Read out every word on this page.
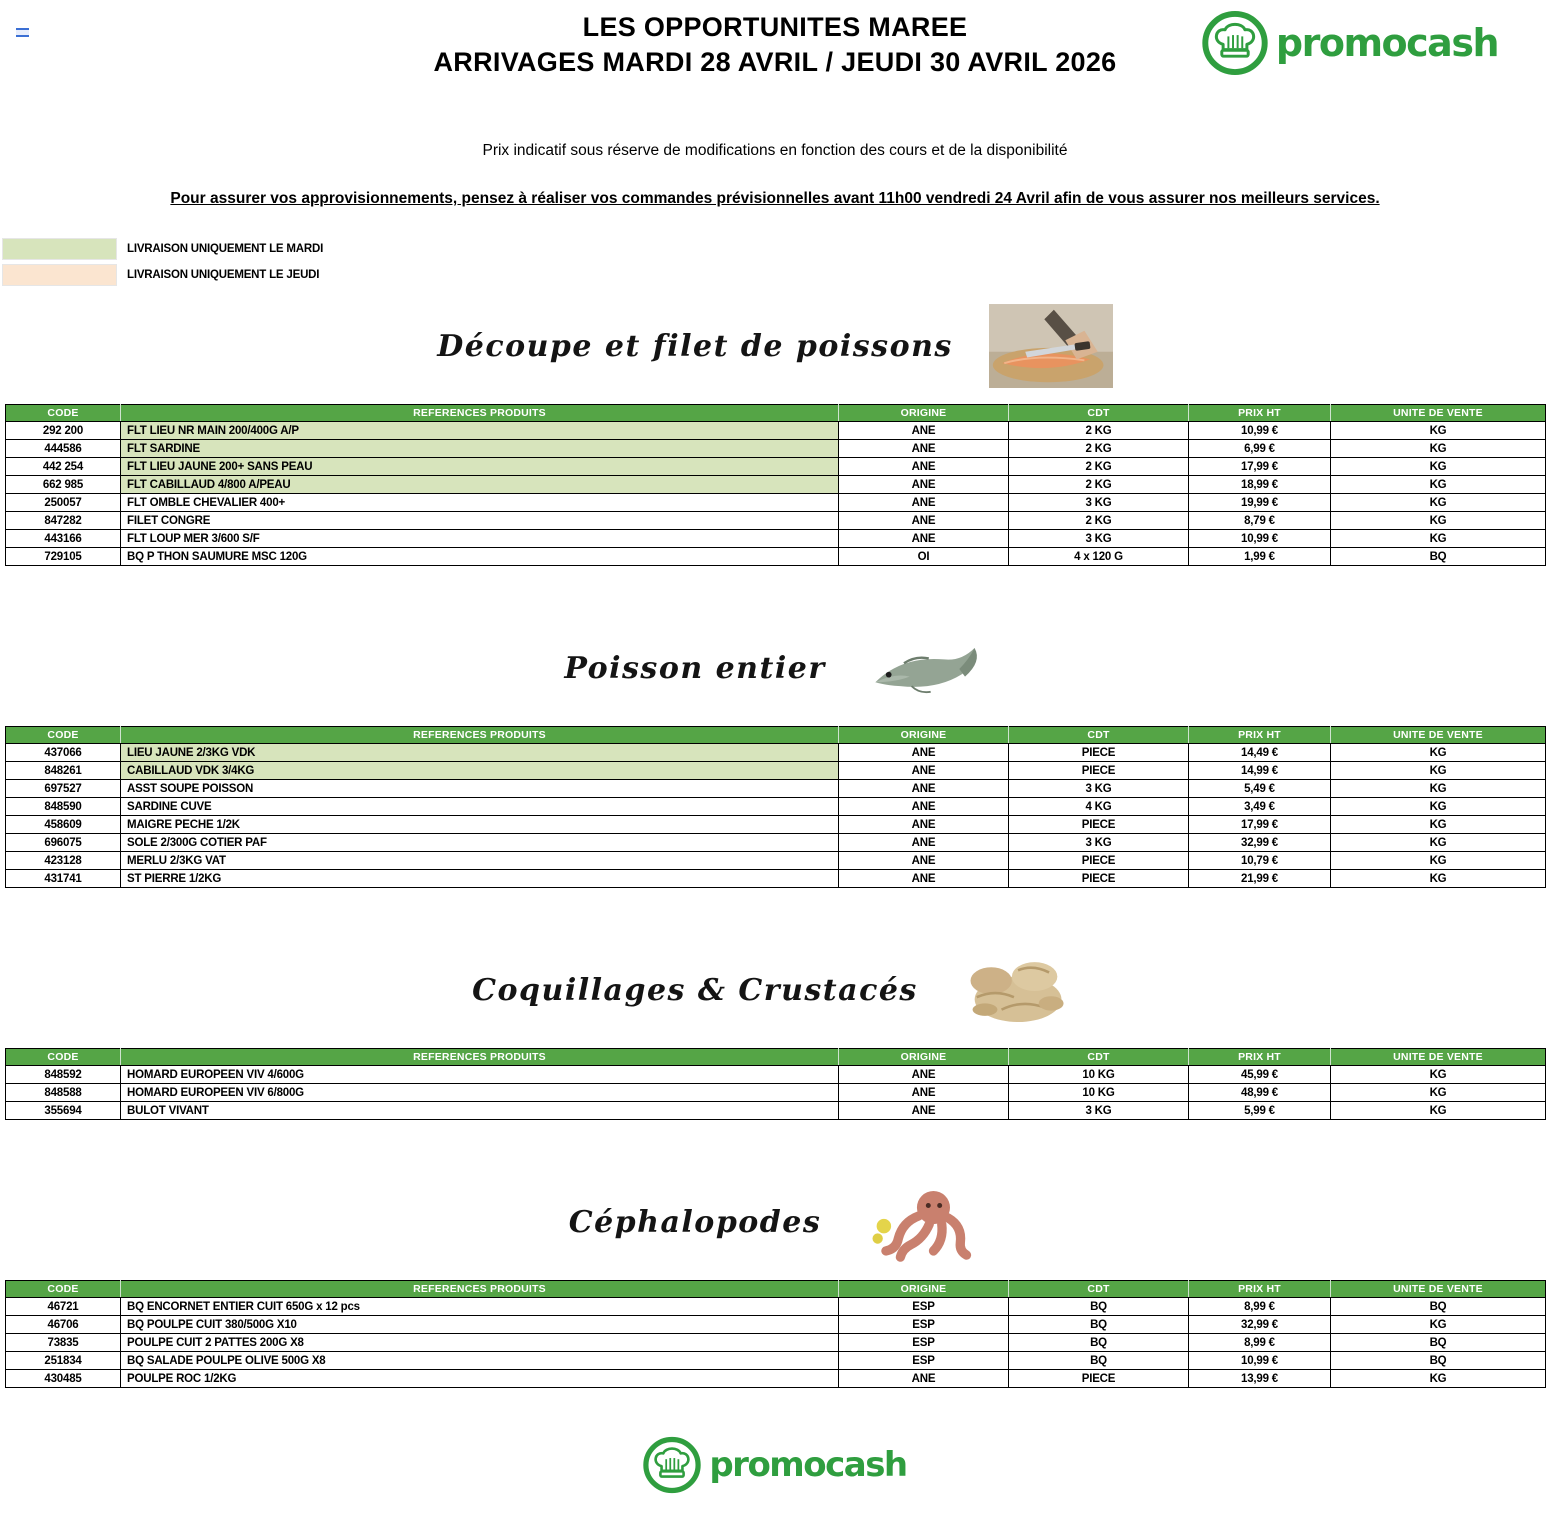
LES OPPORTUNITES MAREE
ARRIVAGES MARDI 28 AVRIL / JEUDI 30 AVRIL 2026	promocash

Prix indicatif sous réserve de modifications en fonction des cours et de la disponibilité

Pour assurer vos approvisionnements, pensez à réaliser vos commandes prévisionnelles avant 11h00 vendredi 24 Avril afin de vous assurer nos meilleurs services.

LIVRAISON UNIQUEMENT LE MARDI
LIVRAISON UNIQUEMENT LE JEUDI
Découpe et filet de poissons
CODE	REFERENCES PRODUITS	ORIGINE	CDT	PRIX HT	UNITE DE VENTE
292 200	FLT LIEU NR MAIN 200/400G A/P	ANE	2 KG	10,99 €	KG
444586	FLT SARDINE	ANE	2 KG	6,99 €	KG
442 254	FLT LIEU JAUNE 200+ SANS PEAU	ANE	2 KG	17,99 €	KG
662 985	FLT CABILLAUD 4/800 A/PEAU	ANE	2 KG	18,99 €	KG
250057	FLT OMBLE CHEVALIER 400+	ANE	3 KG	19,99 €	KG
847282	FILET CONGRE	ANE	2 KG	8,79 €	KG
443166	FLT LOUP MER 3/600 S/F	ANE	3 KG	10,99 €	KG
729105	BQ P THON SAUMURE MSC 120G	OI	4 x 120 G	1,99 €	BQ
Poisson entier
CODE	REFERENCES PRODUITS	ORIGINE	CDT	PRIX HT	UNITE DE VENTE
437066	LIEU JAUNE 2/3KG VDK	ANE	PIECE	14,49 €	KG
848261	CABILLAUD VDK 3/4KG	ANE	PIECE	14,99 €	KG
697527	ASST SOUPE POISSON	ANE	3 KG	5,49 €	KG
848590	SARDINE CUVE	ANE	4 KG	3,49 €	KG
458609	MAIGRE PECHE 1/2K	ANE	PIECE	17,99 €	KG
696075	SOLE 2/300G COTIER PAF	ANE	3 KG	32,99 €	KG
423128	MERLU 2/3KG VAT	ANE	PIECE	10,79 €	KG
431741	ST PIERRE 1/2KG	ANE	PIECE	21,99 €	KG
Coquillages & Crustacés
CODE	REFERENCES PRODUITS	ORIGINE	CDT	PRIX HT	UNITE DE VENTE
848592	HOMARD EUROPEEN VIV 4/600G	ANE	10 KG	45,99 €	KG
848588	HOMARD EUROPEEN VIV 6/800G	ANE	10 KG	48,99 €	KG
355694	BULOT VIVANT	ANE	3 KG	5,99 €	KG
Céphalopodes
CODE	REFERENCES PRODUITS	ORIGINE	CDT	PRIX HT	UNITE DE VENTE
46721	BQ ENCORNET ENTIER CUIT 650G x 12 pcs	ESP	BQ	8,99 €	BQ
46706	BQ POULPE CUIT 380/500G X10	ESP	BQ	32,99 €	KG
73835	POULPE CUIT 2 PATTES 200G X8	ESP	BQ	8,99 €	BQ
251834	BQ SALADE POULPE OLIVE 500G X8	ESP	BQ	10,99 €	BQ
430485	POULPE ROC 1/2KG	ANE	PIECE	13,99 €	KG
promocash
